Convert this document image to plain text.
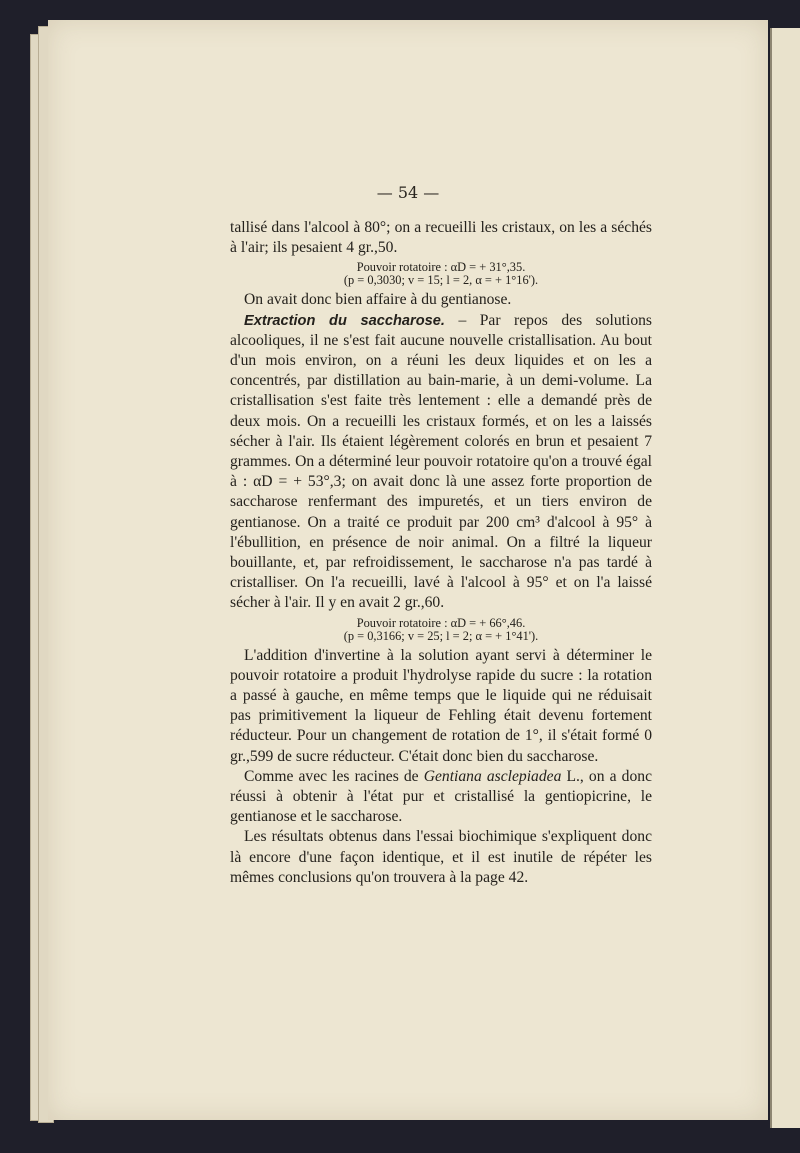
— 54 —

tallisé dans l'alcool à 80°; on a recueilli les cristaux, on les a séchés à l'air; ils pesaient 4 gr.,50.

Pouvoir rotatoire : αD = + 31°,35.

(p = 0,3030; v = 15; l = 2, α = + 1°16').

On avait donc bien affaire à du gentianose.

Extraction du saccharose. – Par repos des solutions alcooliques, il ne s'est fait aucune nouvelle cristallisation. Au bout d'un mois environ, on a réuni les deux liquides et on les a concentrés, par distillation au bain-marie, à un demi-volume. La cristallisation s'est faite très lentement : elle a demandé près de deux mois. On a recueilli les cristaux formés, et on les a laissés sécher à l'air. Ils étaient légèrement colorés en brun et pesaient 7 grammes. On a déterminé leur pouvoir rotatoire qu'on a trouvé égal à : αD = + 53°,3; on avait donc là une assez forte proportion de saccharose renfermant des impuretés, et un tiers environ de gentianose. On a traité ce produit par 200 cm³ d'alcool à 95° à l'ébullition, en présence de noir animal. On a filtré la liqueur bouillante, et, par refroidissement, le saccharose n'a pas tardé à cristalliser. On l'a recueilli, lavé à l'alcool à 95° et on l'a laissé sécher à l'air. Il y en avait 2 gr.,60.

Pouvoir rotatoire : αD = + 66°,46.

(p = 0,3166; v = 25; l = 2; α = + 1°41').

L'addition d'invertine à la solution ayant servi à déterminer le pouvoir rotatoire a produit l'hydrolyse rapide du sucre : la rotation a passé à gauche, en même temps que le liquide qui ne réduisait pas primitivement la liqueur de Fehling était devenu fortement réducteur. Pour un changement de rotation de 1°, il s'était formé 0 gr.,599 de sucre réducteur. C'était donc bien du saccharose.

Comme avec les racines de Gentiana asclepiadea L., on a donc réussi à obtenir à l'état pur et cristallisé la gentiopicrine, le gentianose et le saccharose.

Les résultats obtenus dans l'essai biochimique s'expliquent donc là encore d'une façon identique, et il est inutile de répéter les mêmes conclusions qu'on trouvera à la page 42.
